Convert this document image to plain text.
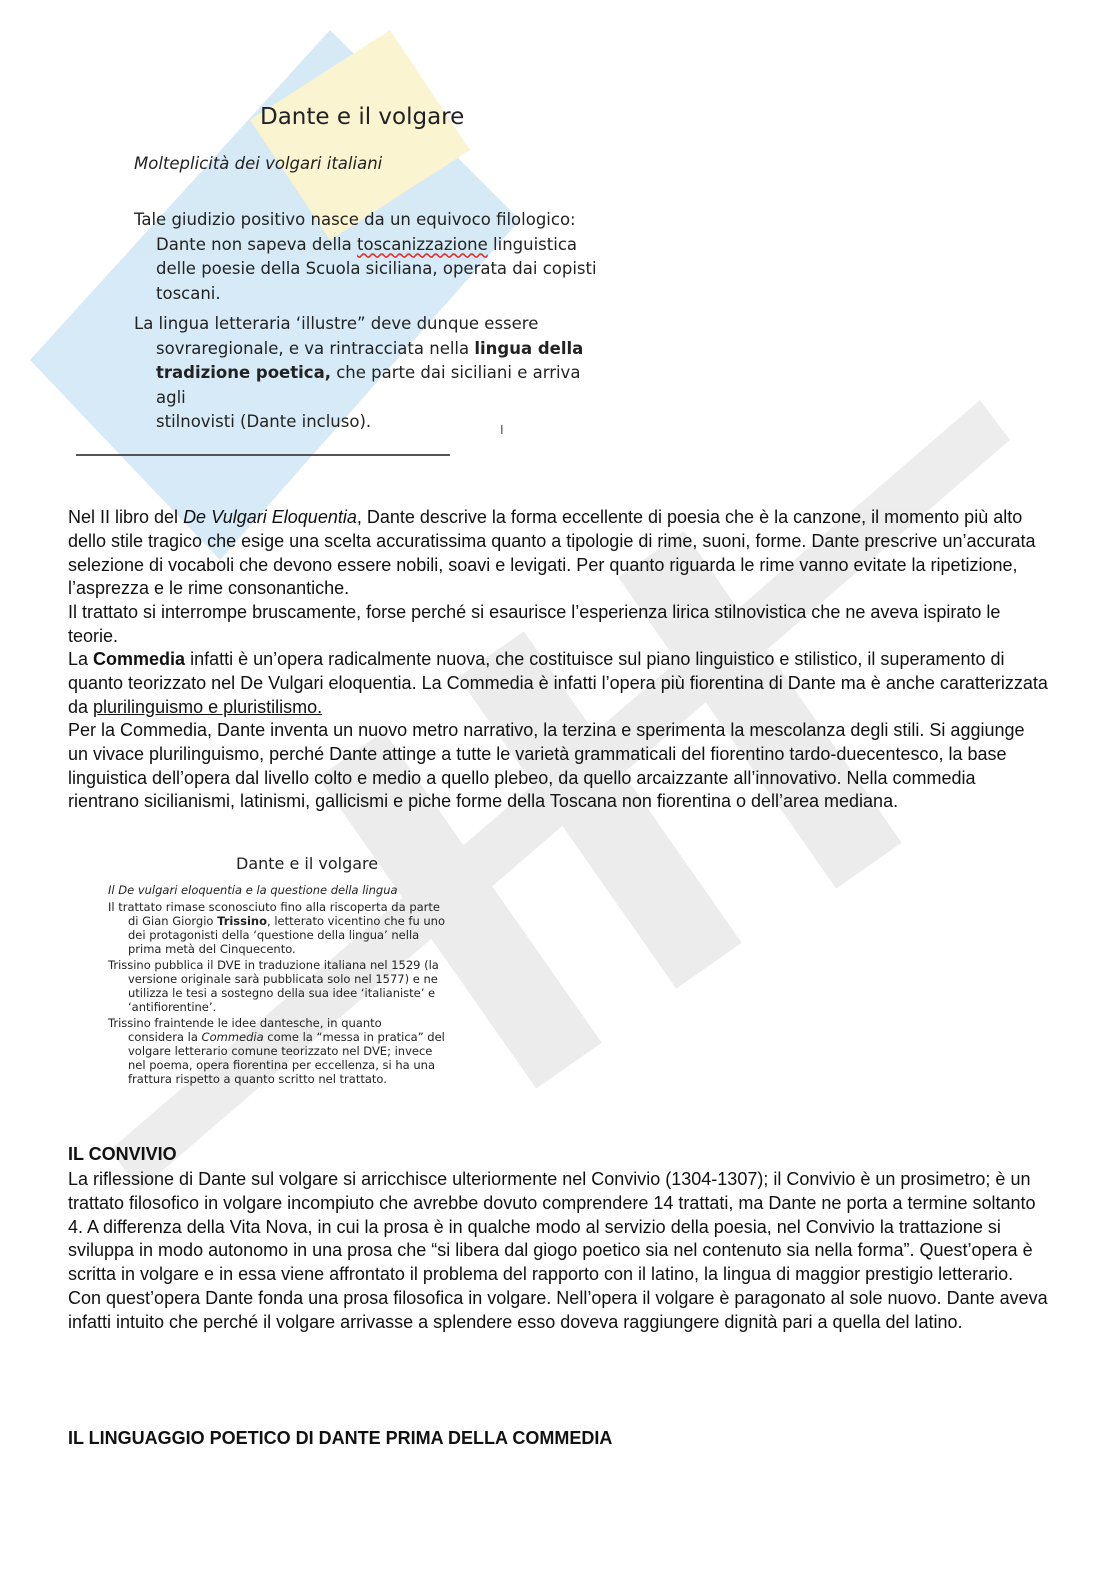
Dante e il volgare
Molteplicità dei volgari italiani
Tale giudizio positivo nasce da un equivoco filologico:
Dante non sapeva della toscanizzazione linguistica
delle poesie della Scuola siciliana, operata dai copisti
toscani.
La lingua letteraria ‘illustre” deve dunque essere
sovraregionale, e va rintracciata nella lingua della
tradizione poetica, che parte dai siciliani e arriva agli
stilnovisti (Dante incluso).	I

Nel II libro del De Vulgari Eloquentia, Dante descrive la forma eccellente di poesia che è la canzone, il momento più alto dello stile tragico che esige una scelta accuratissima quanto a tipologie di rime, suoni, forme. Dante prescrive un’accurata selezione di vocaboli che devono essere nobili, soavi e levigati. Per quanto riguarda le rime vanno evitate la ripetizione, l’asprezza e le rime consonantiche.

Il trattato si interrompe bruscamente, forse perché si esaurisce l’esperienza lirica stilnovistica che ne aveva ispirato le teorie.

La Commedia infatti è un’opera radicalmente nuova, che costituisce sul piano linguistico e stilistico, il superamento di quanto teorizzato nel De Vulgari eloquentia. La Commedia è infatti l’opera più fiorentina di Dante ma è anche caratterizzata da plurilinguismo e pluristilismo.

Per la Commedia, Dante inventa un nuovo metro narrativo, la terzina e sperimenta la mescolanza degli stili. Si aggiunge un vivace plurilinguismo, perché Dante attinge a tutte le varietà grammaticali del fiorentino tardo-duecentesco, la base linguistica dell’opera dal livello colto e medio a quello plebeo, da quello arcaizzante all’innovativo. Nella commedia rientrano sicilianismi, latinismi, gallicismi e piche forme della Toscana non fiorentina o dell’area mediana.

Dante e il volgare
Il De vulgari eloquentia e la questione della lingua
Il trattato rimase sconosciuto fino alla riscoperta da parte
di Gian Giorgio Trissino, letterato vicentino che fu uno
dei protagonisti della ‘questione della lingua’ nella
prima metà del Cinquecento.
Trissino pubblica il DVE in traduzione italiana nel 1529 (la
versione originale sarà pubblicata solo nel 1577) e ne
utilizza le tesi a sostegno della sua idee ‘italianiste’ e
‘antifiorentine’.
Trissino fraintende le idee dantesche, in quanto
considera la Commedia come la “messa in pratica” del
volgare letterario comune teorizzato nel DVE; invece
nel poema, opera fiorentina per eccellenza, si ha una
frattura rispetto a quanto scritto nel trattato.
IL CONVIVIO

La riflessione di Dante sul volgare si arricchisce ulteriormente nel Convivio (1304-1307); il Convivio è un prosimetro; è un trattato filosofico in volgare incompiuto che avrebbe dovuto comprendere 14 trattati, ma Dante ne porta a termine soltanto 4. A differenza della Vita Nova, in cui la prosa è in qualche modo al servizio della poesia, nel Convivio la trattazione si sviluppa in modo autonomo in una prosa che “si libera dal giogo poetico sia nel contenuto sia nella forma”. Quest’opera è scritta in volgare e in essa viene affrontato il problema del rapporto con il latino, la lingua di maggior prestigio letterario. Con quest’opera Dante fonda una prosa filosofica in volgare. Nell’opera il volgare è paragonato al sole nuovo. Dante aveva infatti intuito che perché il volgare arrivasse a splendere esso doveva raggiungere dignità pari a quella del latino.

IL LINGUAGGIO POETICO DI DANTE PRIMA DELLA COMMEDIA
